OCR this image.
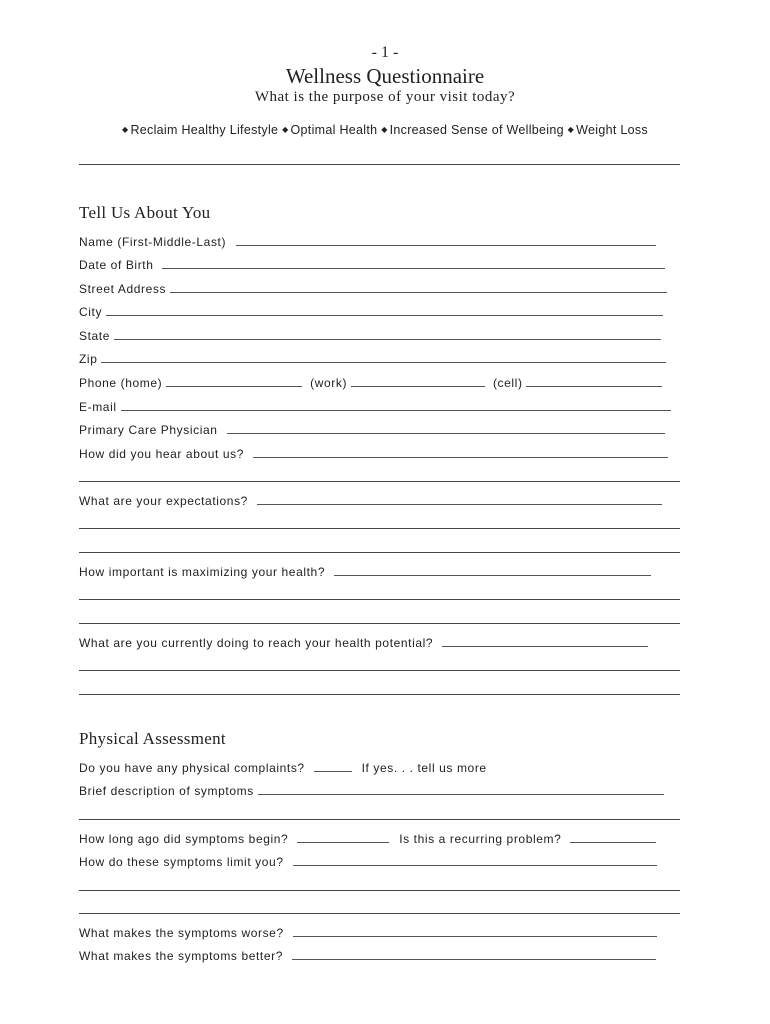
- 1 -
Wellness Questionnaire
What is the purpose of your visit today?
◆ Reclaim Healthy Lifestyle ◆ Optimal Health ◆ Increased Sense of Wellbeing ◆ Weight Loss
Tell Us About You
Name (First-Middle-Last)
Date of Birth
Street Address
City
State
Zip
Phone (home)	(work)	(cell)
E-mail
Primary Care Physician
How did you hear about us?
What are your expectations?
How important is maximizing your health?
What are you currently doing to reach your health potential?
Physical Assessment
Do you have any physical complaints?	If yes. . . tell us more
Brief description of symptoms
How long ago did symptoms begin?	Is this a recurring problem?
How do these symptoms limit you?
What makes the symptoms worse?
What makes the symptoms better?
